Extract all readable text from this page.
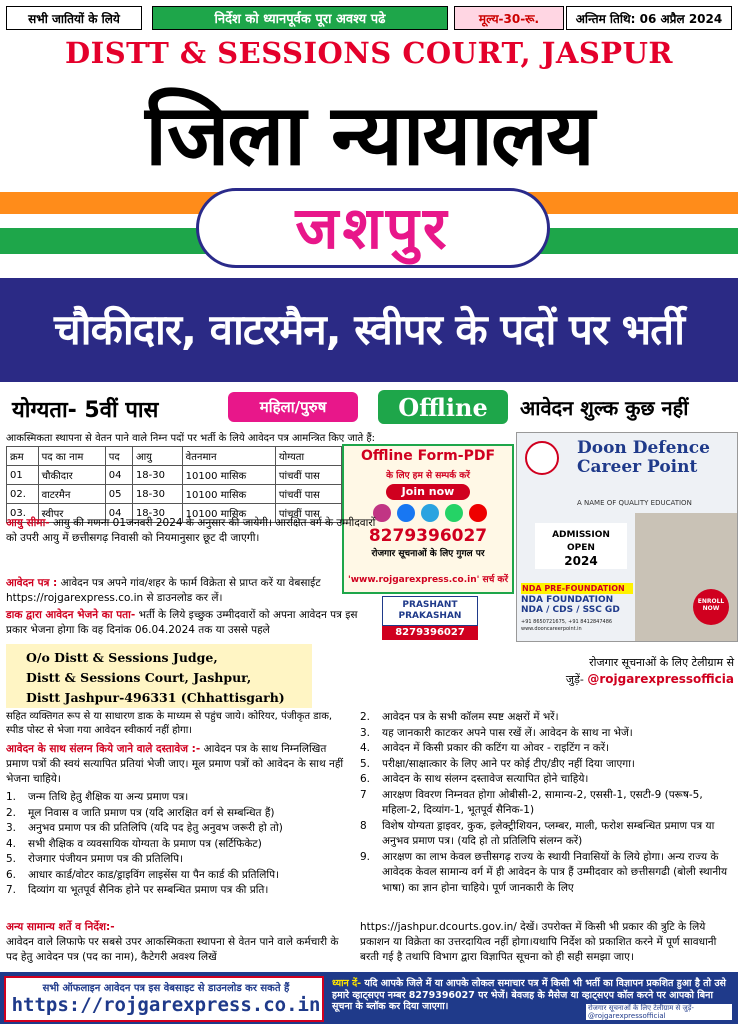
सभी जातियों के लिये	निर्देश को ध्यानपूर्वक पूरा अवश्य पढे	मूल्य-30-रू.	अन्तिम तिथि: 06 अप्रैल 2024
DISTT & SESSIONS COURT, JASPUR
जिला न्यायालय
जशपुर
चौकीदार, वाटरमैन, स्वीपर के पदों पर भर्ती
योग्यता- 5वीं पास	महिला/पुरुष	Offline	आवेदन शुल्क कुछ नहीं
आकस्मिकता स्थापना से वेतन पाने वाले निम्न पदों पर भर्ती के लिये आवेदन पत्र आमन्त्रित किए जाते हैं:
क्रम	पद का नाम	पद	आयु	वेतनमान	योग्यता
01	चौकीदार	04	18-30	10100 मासिक	पांचवीं पास
02.	वाटरमैन	05	18-30	10100 मासिक	पांचवीं पास
03.	स्वीपर	04	18-30	10100 मासिक	पांचवीं पास
Offline Form-PDF
के लिए हम से सम्पर्क करें
Join now
8279396027
रोजगार सूचनाओं के लिए गुगल पर
'www.rojgarexpress.co.in' सर्च करें
Doon Defence Career Point
A NAME OF QUALITY EDUCATION
ADMISSION
OPEN
2024
NDA PRE-FOUNDATION
NDA FOUNDATION
NDA / CDS / SSC GD
+91 8650721675, +91 8412847486 www.dooncareerpoint.in
ENROLL NOW
आयु सीमा- आयु की गणना 01जनवरी 2024 के अनुसार की जायेगी। आरक्षित वर्ग के उम्मीदवारों को उपरी आयु में छत्तीसगढ़ निवासी को नियमानुसार छूट दी जाएगी।
आवेदन पत्र : आवेदन पत्र अपने गांव/शहर के फार्म विक्रेता से प्राप्त करें या वेबसाईट https://rojgarexpress.co.in से डाउनलोड कर लें।
डाक द्वारा आवेदन भेजने का पता- भर्ती के लिये इच्छुक उम्मीदवारों को अपना आवेदन पत्र इस प्रकार भेजना होगा कि वह दिनांक 06.04.2024 तक या उससे पहले
PRASHANT PRAKASHAN
8279396027
O/o Distt & Sessions Judge,
Distt & Sessions Court, Jashpur,
Distt Jashpur-496331 (Chhattisgarh)
रोजगार सूचनाओं के लिए टेलीग्राम से
जुड़ें- @rojgarexpressofficia
सहित व्यक्तिगत रूप से या साधारण डाक के माध्यम से पहुंच जाये। कोरियर, पंजीकृत डाक, स्पीड पोस्ट से भेजा गया आवेदन स्वीकार्य नहीं होगा।
आवेदन के साथ संलग्न किये जाने वाले दस्तावेज :- आवेदन पत्र के साथ निम्नलिखित प्रमाण पत्रों की स्वयं सत्यापित प्रतियां भेजी जाए। मूल प्रमाण पत्रों को आवेदन के साथ नहीं भेजना चाहिये।
1. जन्म तिथि हेतु शैक्षिक या अन्य प्रमाण पत्र।
2. मूल निवास व जाति प्रमाण पत्र (यदि आरक्षित वर्ग से सम्बन्धित हैं)
3. अनुभव प्रमाण पत्र की प्रतिलिपि (यदि पद हेतु अनुवभ जरूरी हो तो)
4. सभी शैक्षिक व व्यवसायिक योग्यता के प्रमाण पत्र (सर्टिफिकेट)
5. रोजगार पंजीयन प्रमाण पत्र की प्रतिलिपि।
6. आधार कार्ड/वोटर काड/ड्राइविंग लाइसेंस या पैन कार्ड की प्रतिलिपि।
7. दिव्यांग या भूतपूर्व सैनिक होने पर सम्बन्धित प्रमाण पत्र की प्रति।
अन्य सामान्य शर्ते व निर्देश:-
आवेदन वाले लिफाफे पर सबसे उपर आकस्मिकता स्थापना से वेतन पाने वाले कर्मचारी के पद हेतु आवेदन पत्र (पद का नाम), कैटेगरी अवश्य लिखें
2. आवेदन पत्र के सभी कॉलम स्पष्ट अक्षरों में भरें।
3. यह जानकारी काटकर अपने पास रखें लें। आवेदन के साथ ना भेजें।
4. आवेदन में किसी प्रकार की कटिंग या ओवर - राइटिंग न करें।
5. परीक्षा/साक्षात्कार के लिए आने पर कोई टीए/डीए नहीं दिया जाएगा।
6. आवेदन के साथ संलग्न दस्तावेज सत्यापित होने चाहिये।
7 आरक्षण विवरण निम्नवत होगा ओबीसी-2, सामान्य-2, एससी-1, एसटी-9 (परूष-5, महिला-2, दिव्यांग-1, भूतपूर्व सैनिक-1)
8 विशेष योग्यता ड्राइवर, कुक, इलेक्ट्रीशियन, प्लम्बर, माली, फरोश सम्बन्धित प्रमाण पत्र या अनुभव प्रमाण पत्र। (यदि हो तो प्रतिलिपि संलग्न करें)
9. आरक्षण का लाभ केवल छत्तीसगढ़ राज्य के स्थायी निवासियों के लिये होगा। अन्य राज्य के आवेदक केवल सामान्य वर्ग में ही आवेदन के पात्र हैं उम्मीदवार को छत्तीसगढी (बोली स्थानीय भाषा) का ज्ञान होना चाहिये। पूर्ण जानकारी के लिए
https://jashpur.dcourts.gov.in/ देखें। उपरोक्त में किसी भी प्रकार की त्रुटि के लिये प्रकाशन या विक्रेता का उत्तरदायित्व नहीं होगा।यथापि निर्देश को प्रकाशित करने में पूर्ण सावधानी बरती गई है तथापि विभाग द्वारा विज्ञापित सूचना को ही सही समझा जाए।
सभी ऑफलाइन आवेदन पत्र इस वेबसाइट से डाउनलोड कर सकते हैं
https://rojgarexpress.co.in
ध्यान दें- यदि आपके जिले में या आपके लोकल समाचार पत्र में किसी भी भर्ती का विज्ञापन प्रकशित हुआ है तो उसे हमारे व्हाट्सएप नम्बर 8279396027 पर भेजें। बेवजह के मैसेज या व्हाट्सएप कॉल करने पर आपको बिना सूचना के ब्लॉक कर दिया जाएगा।	रोजगार सूचनाओं के लिए टेलीग्राम से जुड़ें- @rojgarexpressofficial
